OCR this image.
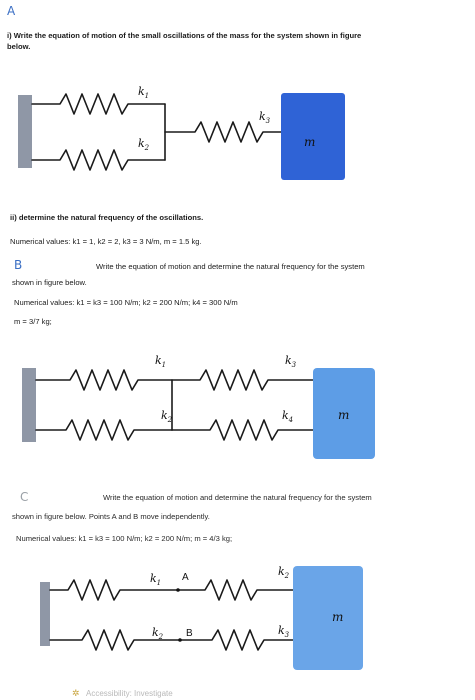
A
i) Write the equation of motion of the small oscillations of the mass for the system shown in figure
below.
$k_1$
$k_2$
$k_3$
m
ii) determine the natural frequency of the oscillations.
Numerical values: k1 = 1, k2 = 2, k3 = 3 N/m, m = 1.5 kg.
B	Write the equation of motion and determine the natural frequency for the system
shown in figure below.
Numerical values: k1 = k3 = 100 N/m; k2 = 200 N/m; k4 = 300 N/m
m = 3/7 kg;
$k_1$	$k_3$
$k_2$	$k_4$	m
C	Write the equation of motion and determine the natural frequency for the system
shown in figure below. Points A and B move independently.
Numerical values: k1 = k3 = 100 N/m; k2 = 200 N/m; m = 4/3 kg;
$k_1$ A	$k_2$
$k_2$ B	$k_3$
m
✲ Accessibility: Investigate
